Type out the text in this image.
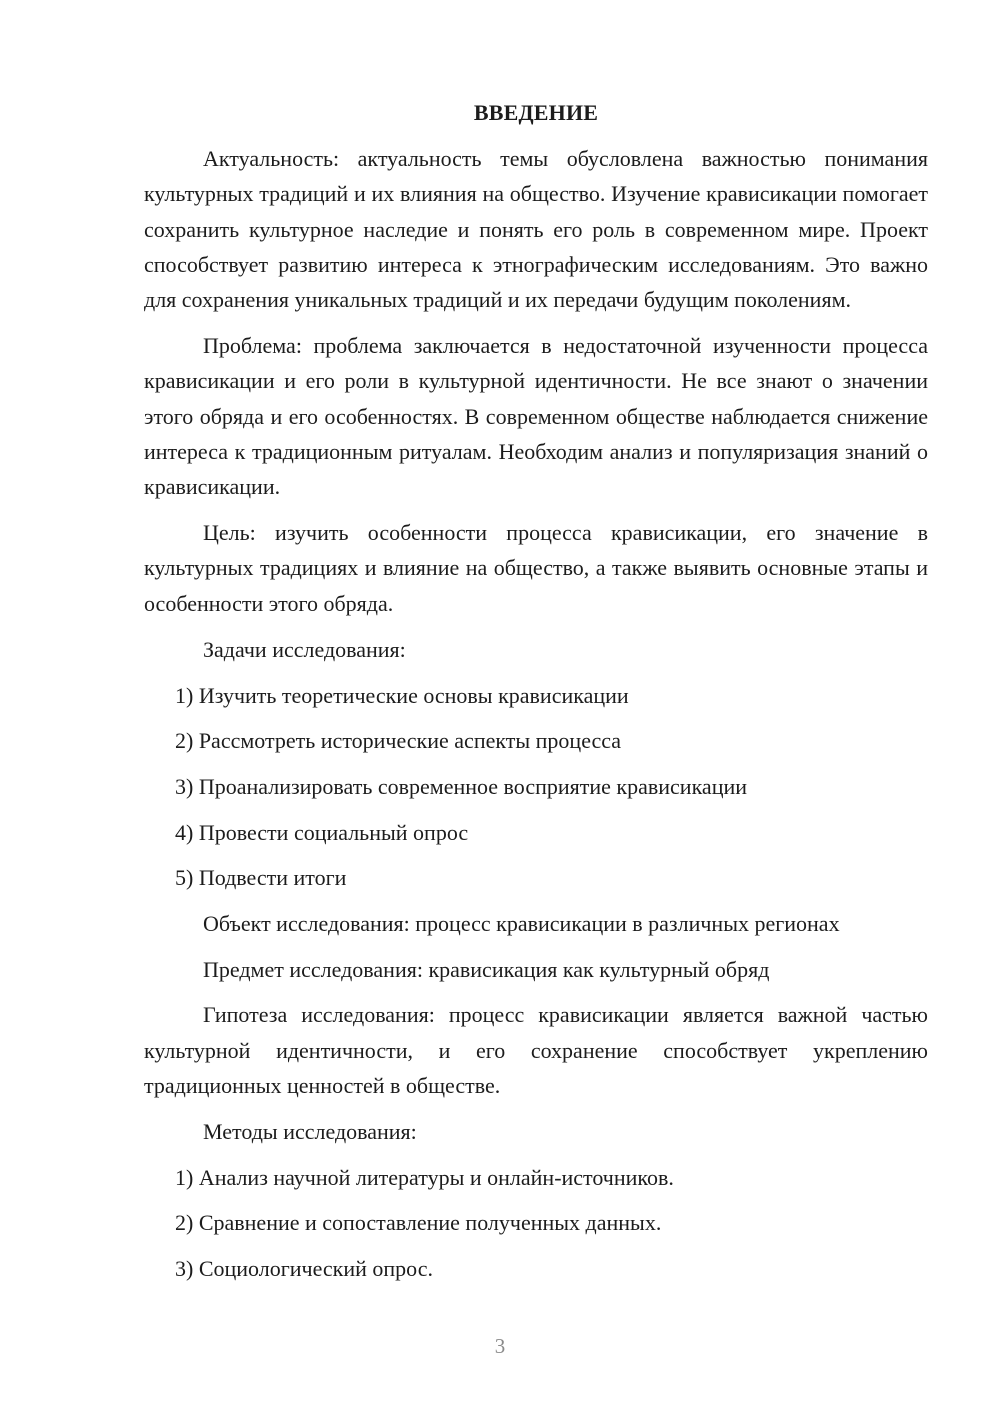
ВВЕДЕНИЕ

Актуальность: актуальность темы обусловлена важностью понимания культурных традиций и их влияния на общество. Изучение крависикации помогает сохранить культурное наследие и понять его роль в современном мире. Проект способствует развитию интереса к этнографическим исследованиям. Это важно для сохранения уникальных традиций и их передачи будущим поколениям.

Проблема: проблема заключается в недостаточной изученности процесса крависикации и его роли в культурной идентичности. Не все знают о значении этого обряда и его особенностях. В современном обществе наблюдается снижение интереса к традиционным ритуалам. Необходим анализ и популяризация знаний о крависикации.

Цель: изучить особенности процесса крависикации, его значение в культурных традициях и влияние на общество, а также выявить основные этапы и особенности этого обряда.

Задачи исследования:
1) Изучить теоретические основы крависикации
2) Рассмотреть исторические аспекты процесса
3) Проанализировать современное восприятие крависикации
4) Провести социальный опрос
5) Подвести итоги
Объект исследования: процесс крависикации в различных регионах
Предмет исследования: крависикация как культурный обряд

Гипотеза исследования: процесс крависикации является важной частью культурной идентичности, и его сохранение способствует укреплению традиционных ценностей в обществе.

Методы исследования:
1) Анализ научной литературы и онлайн-источников.
2) Сравнение и сопоставление полученных данных.
3) Социологический опрос.
3
